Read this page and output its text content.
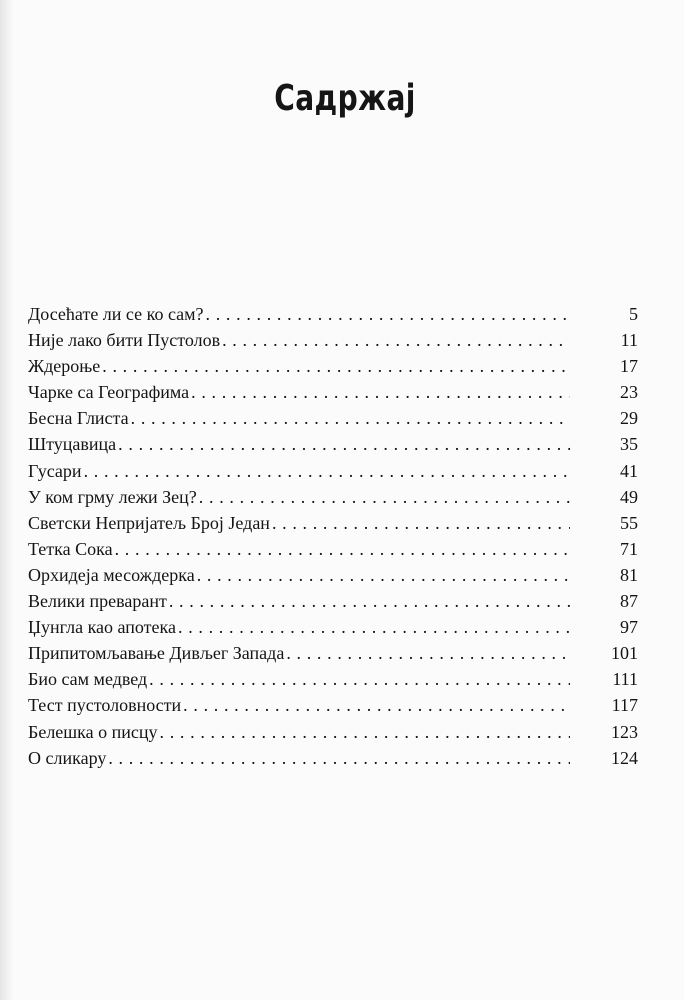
Садржај
Досећате ли се ко сам? . . .	5
Није лако бити Пустолов . . .	11
Ждероње . . .	17
Чарке са Географима . . .	23
Бесна Глиста . . .	29
Штуцавица . . .	35
Гусари . . .	41
У ком грму лежи Зец? . . .	49
Светски Непријатељ Број Један . . .	55
Тетка Сока . . .	71
Орхидеја месождерка . . .	81
Велики преварант . . .	87
Џунгла као апотека . . .	97
Припитомљавање Дивљег Запада . . .	101
Био сам медвед . . .	111
Тест пустоловности . . .	117
Белешка о писцу . . .	123
О сликару . . .	124
